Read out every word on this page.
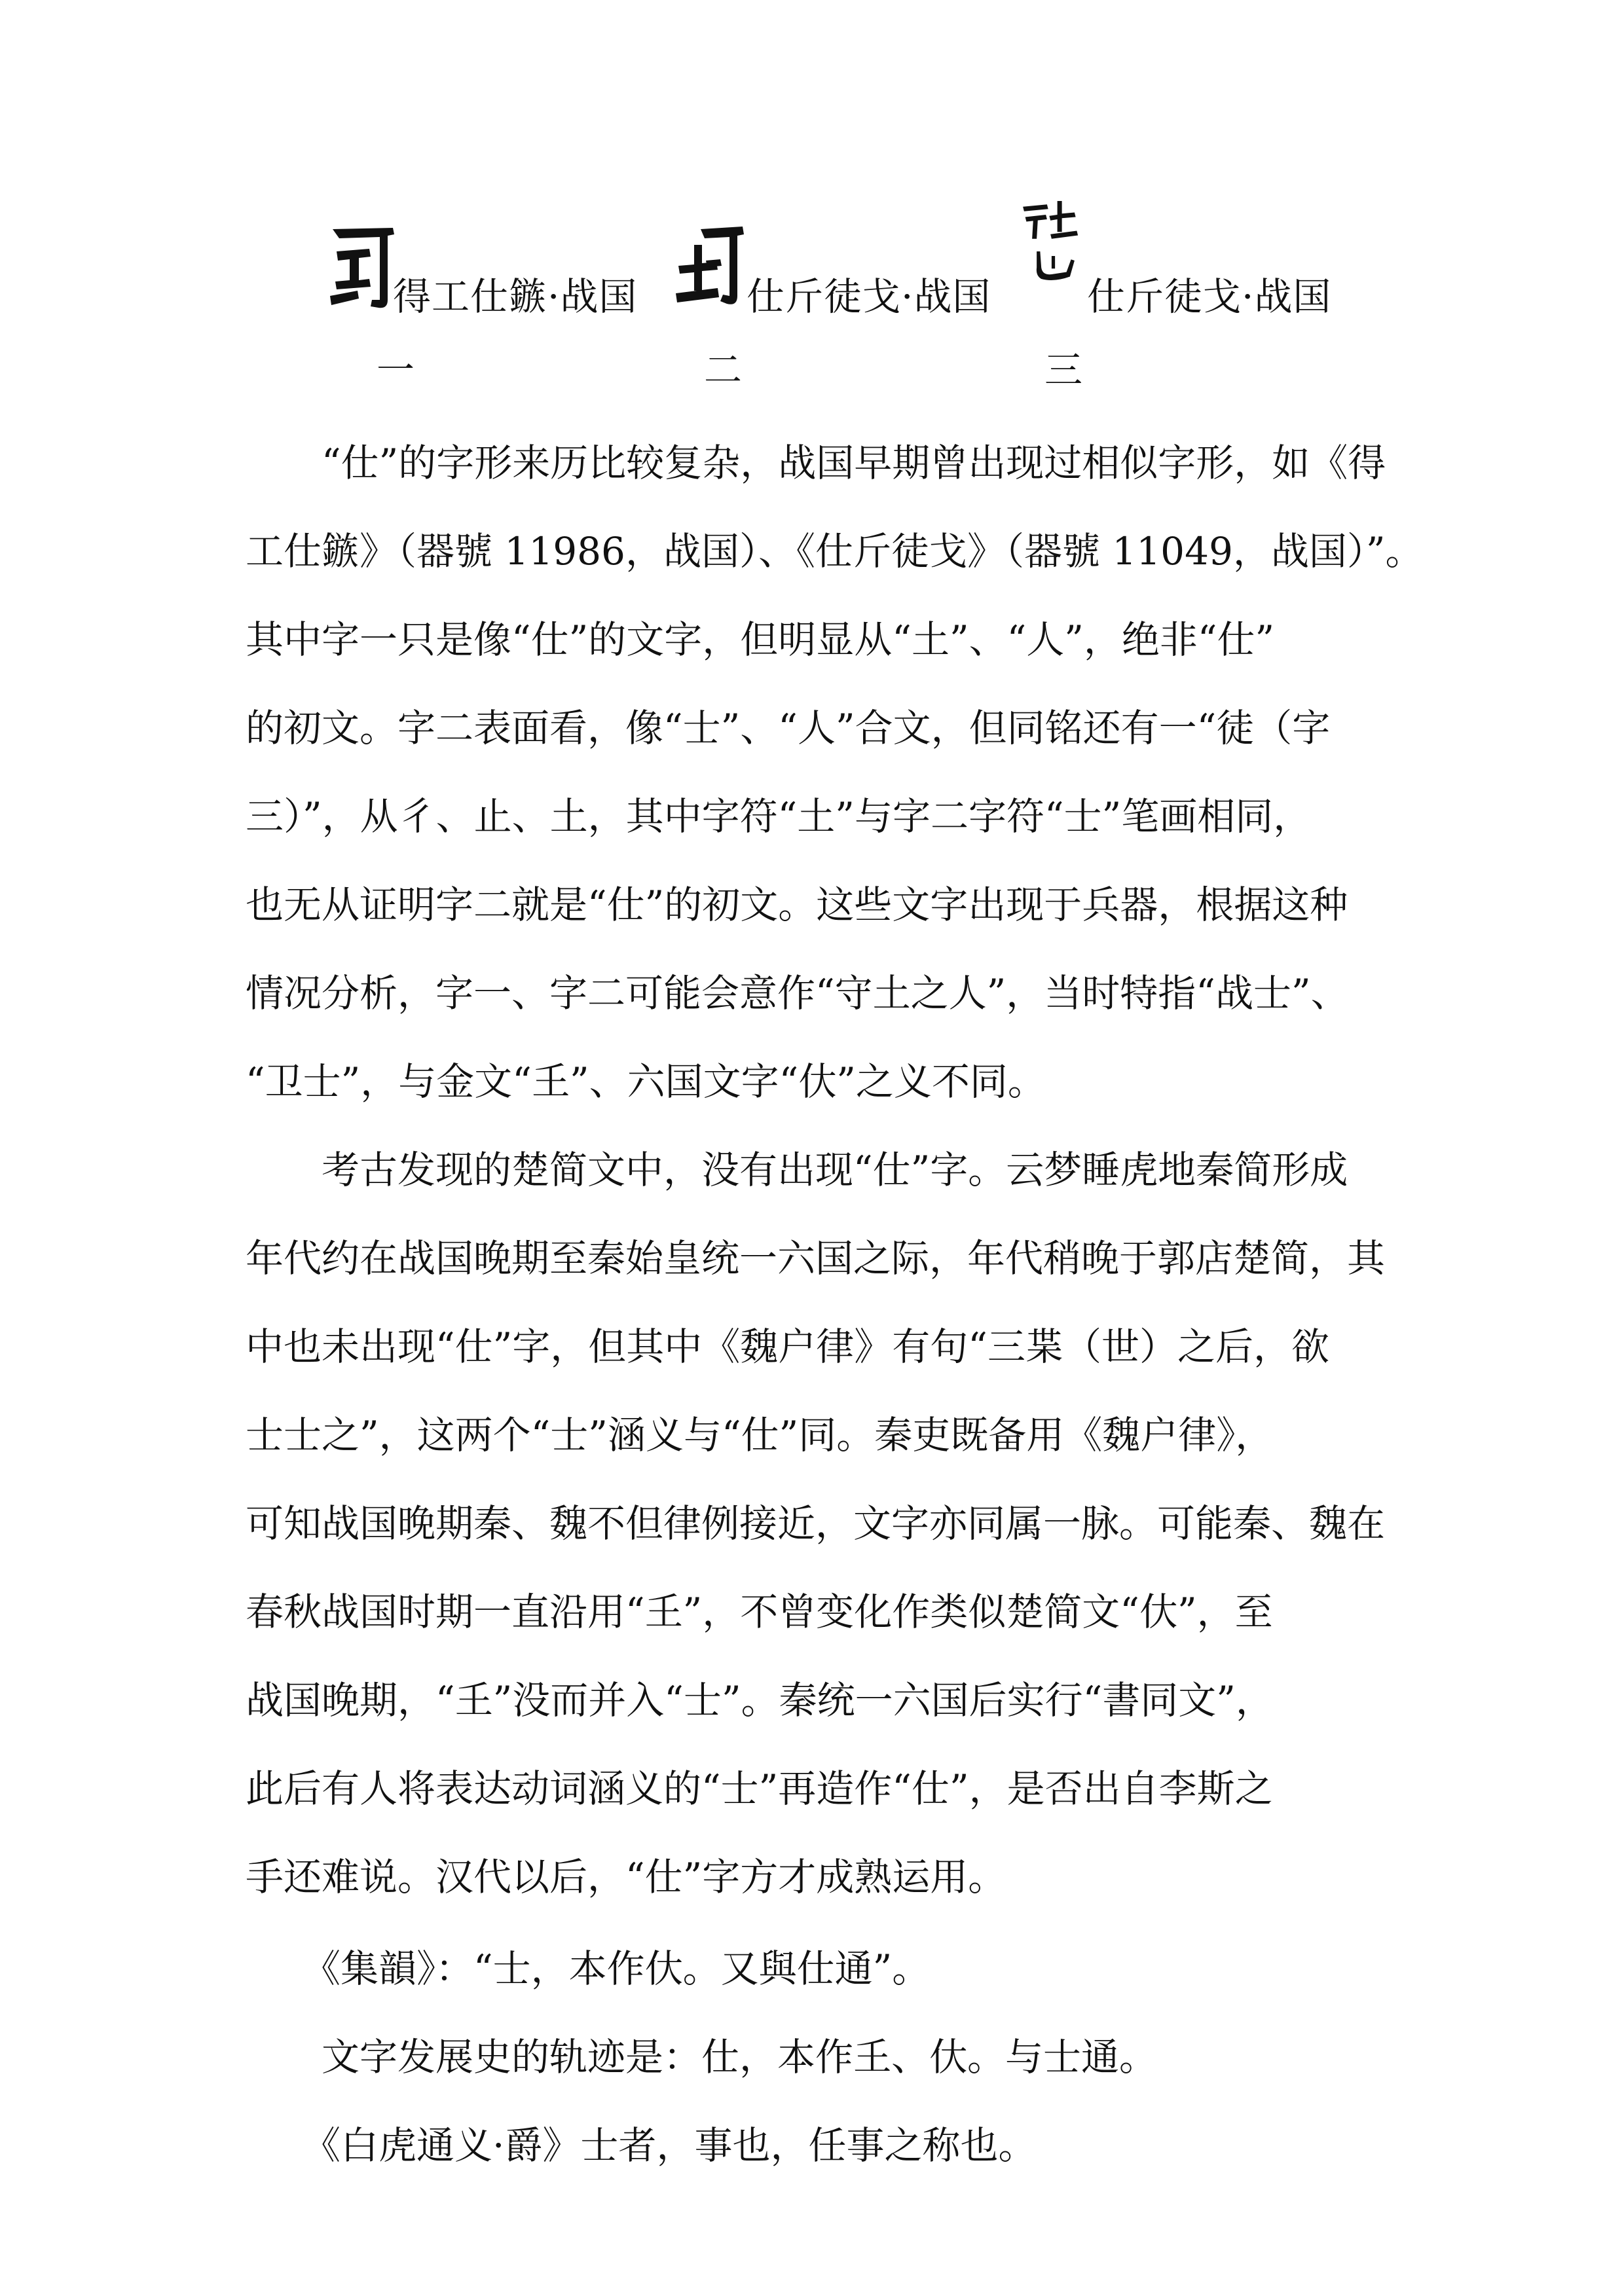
得工仕鏃·战国
一
仕斤徒戈·战国
二
仕斤徒戈·战国
三
　　“仕”的字形来历比较复杂，战国早期曾出现过相似字形，如《得
工仕鏃》（器號 11986，战国）、《仕斤徒戈》（器號 11049，战国）”。
其中字一只是像“仕”的文字，但明显从“土”、“人”，绝非“仕”
的初文。字二表面看，像“士”、“人”合文，但同铭还有一“徒（字
三）”，从彳、止、土，其中字符“土”与字二字符“士”笔画相同，
也无从证明字二就是“仕”的初文。这些文字出现于兵器，根据这种
情况分析，字一、字二可能会意作“守土之人”，当时特指“战士”、
“卫士”，与金文“𡈼”、六国文字“㐲”之义不同。
　　考古发现的楚简文中，没有出现“仕”字。云梦睡虎地秦简形成
年代约在战国晚期至秦始皇统一六国之际，年代稍晚于郭店楚简，其
中也未出现“仕”字，但其中《魏户律》有句“三枼（世）之后，欲
士士之”，这两个“士”涵义与“仕”同。秦吏既备用《魏户律》，
可知战国晚期秦、魏不但律例接近，文字亦同属一脉。可能秦、魏在
春秋战国时期一直沿用“𡈼”，不曾变化作类似楚简文“㐲”，至
战国晚期，“𡈼”没而并入“士”。秦统一六国后实行“書同文”，
此后有人将表达动词涵义的“士”再造作“仕”，是否出自李斯之
手还难说。汉代以后，“仕”字方才成熟运用。
　　《集韻》：“士，本作㐲。又與仕通”。
　　文字发展史的轨迹是：仕，本作𡈼、㐲。与士通。
　　《白虎通义·爵》士者，事也，任事之称也。
